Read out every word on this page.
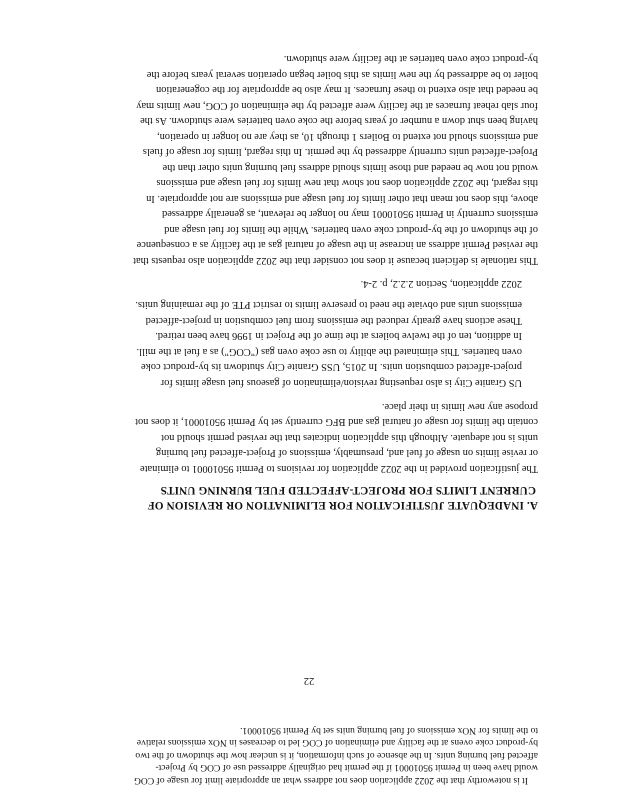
It is noteworthy that the 2022 application does not address what an appropriate limit for usage of COG

would have been in Permit 95010001 if the permit had originally addressed use of COG by Project-

affected fuel burning units. In the absence of such information, it is unclear how the shutdown of the two

by-product coke ovens at the facility and elimination of COG led to decreases in NOx emissions relative

to the limits for NOx emissions of fuel burning units set by Permit 95010001.

22

A. INADEQUATE JUSTIFICATION FOR ELIMINATION OR REVISION OF

CURRENT LIMITS FOR PROJECT-AFFECTED FUEL BURNING UNITS

The justification provided in the 2022 application for revisions to Permit 95010001 to eliminate

or revise limits on usage of fuel and, presumably, emissions of Project-affected fuel burning

units is not adequate. Although this application indicates that the revised permit should not

contain the limits for usage of natural gas and BFG currently set by Permit 95010001, it does not

propose any new limits in their place.

US Granite City is also requesting revision/elimination of gaseous fuel usage limits for

project-affected combustion units. In 2015, USS Granite City shutdown its by-product coke

oven batteries. This eliminated the ability to use coke oven gas ("COG") as a fuel at the mill.

In addition, ten of the twelve boilers at the time of the Project in 1996 have been retired.

These actions have greatly reduced the emissions from fuel combustion in project-affected

emissions units and obviate the need to preserve limits to restrict PTE of the remaining units.

2022 application, Section 2.2.2, p. 2-4.

This rationale is deficient because it does not consider that the 2022 application also requests that

the revised Permit address an increase in the usage of natural gas at the facility as a consequence

of the shutdown of the by-product coke oven batteries. While the limits for fuel usage and

emissions currently in Permit 95010001 may no longer be relevant, as generally addressed

above, this does not mean that other limits for fuel usage and emissions are not appropriate. In

this regard, the 2022 application does not show that new limits for fuel usage and emissions

would not now be needed and those limits should address fuel burning units other than the

Project-affected units currently addressed by the permit. In this regard, limits for usage of fuels

and emissions should not extend to Boilers 1 through 10, as they are no longer in operation,

having been shut down a number of years before the coke oven batteries were shutdown. As the

four slab reheat furnaces at the facility were affected by the elimination of COG, new limits may

be needed that also extend to these furnaces. It may also be appropriate for the cogeneration

boiler to be addressed by the new limits as this boiler began operation several years before the

by-product coke oven batteries at the facility were shutdown.
